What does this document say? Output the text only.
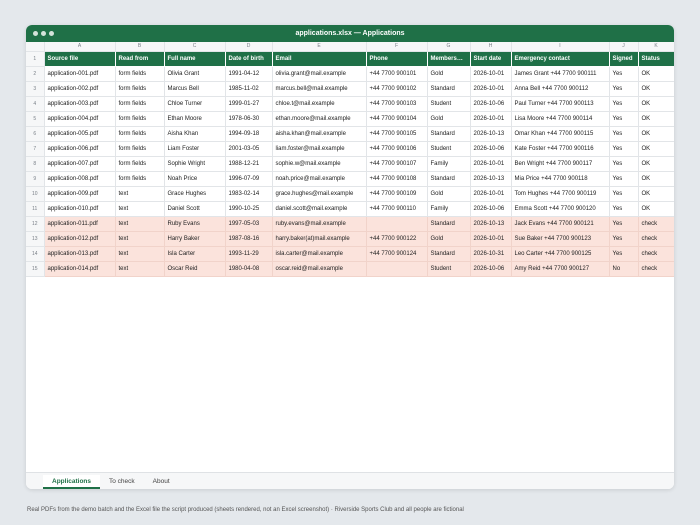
applications.xlsx — Applications
	A	B	C	D	E	F	G	H	I	J	K
1	Source file	Read from	Full name	Date of birth	Email	Phone	Members…	Start date	Emergency contact	Signed	Status
2	application-001.pdf	form fields	Olivia Grant	1991-04-12	olivia.grant@mail.example	+44 7700 900101	Gold	2026-10-01	James Grant +44 7700 900111	Yes	OK
3	application-002.pdf	form fields	Marcus Bell	1985-11-02	marcus.bell@mail.example	+44 7700 900102	Standard	2026-10-01	Anna Bell +44 7700 900112	Yes	OK
4	application-003.pdf	form fields	Chloe Turner	1999-01-27	chloe.t@mail.example	+44 7700 900103	Student	2026-10-06	Paul Turner +44 7700 900113	Yes	OK
5	application-004.pdf	form fields	Ethan Moore	1978-06-30	ethan.moore@mail.example	+44 7700 900104	Gold	2026-10-01	Lisa Moore +44 7700 900114	Yes	OK
6	application-005.pdf	form fields	Aisha Khan	1994-09-18	aisha.khan@mail.example	+44 7700 900105	Standard	2026-10-13	Omar Khan +44 7700 900115	Yes	OK
7	application-006.pdf	form fields	Liam Foster	2001-03-05	liam.foster@mail.example	+44 7700 900106	Student	2026-10-06	Kate Foster +44 7700 900116	Yes	OK
8	application-007.pdf	form fields	Sophie Wright	1988-12-21	sophie.w@mail.example	+44 7700 900107	Family	2026-10-01	Ben Wright +44 7700 900117	Yes	OK
9	application-008.pdf	form fields	Noah Price	1996-07-09	noah.price@mail.example	+44 7700 900108	Standard	2026-10-13	Mia Price +44 7700 900118	Yes	OK
10	application-009.pdf	text	Grace Hughes	1983-02-14	grace.hughes@mail.example	+44 7700 900109	Gold	2026-10-01	Tom Hughes +44 7700 900119	Yes	OK
11	application-010.pdf	text	Daniel Scott	1990-10-25	daniel.scott@mail.example	+44 7700 900110	Family	2026-10-06	Emma Scott +44 7700 900120	Yes	OK
12	application-011.pdf	text	Ruby Evans	1997-05-03	ruby.evans@mail.example		Standard	2026-10-13	Jack Evans +44 7700 900121	Yes	check
13	application-012.pdf	text	Harry Baker	1987-08-16	harry.baker(at)mail.example	+44 7700 900122	Gold	2026-10-01	Sue Baker +44 7700 900123	Yes	check
14	application-013.pdf	text	Isla Carter	1993-11-29	isla.carter@mail.example	+44 7700 900124	Standard	2026-10-31	Leo Carter +44 7700 900125	Yes	check
15	application-014.pdf	text	Oscar Reid	1980-04-08	oscar.reid@mail.example		Student	2026-10-06	Amy Reid +44 7700 900127	No	check
Applications	To check	About
Real PDFs from the demo batch and the Excel file the script produced (sheets rendered, not an Excel screenshot) · Riverside Sports Club and all people are fictional
